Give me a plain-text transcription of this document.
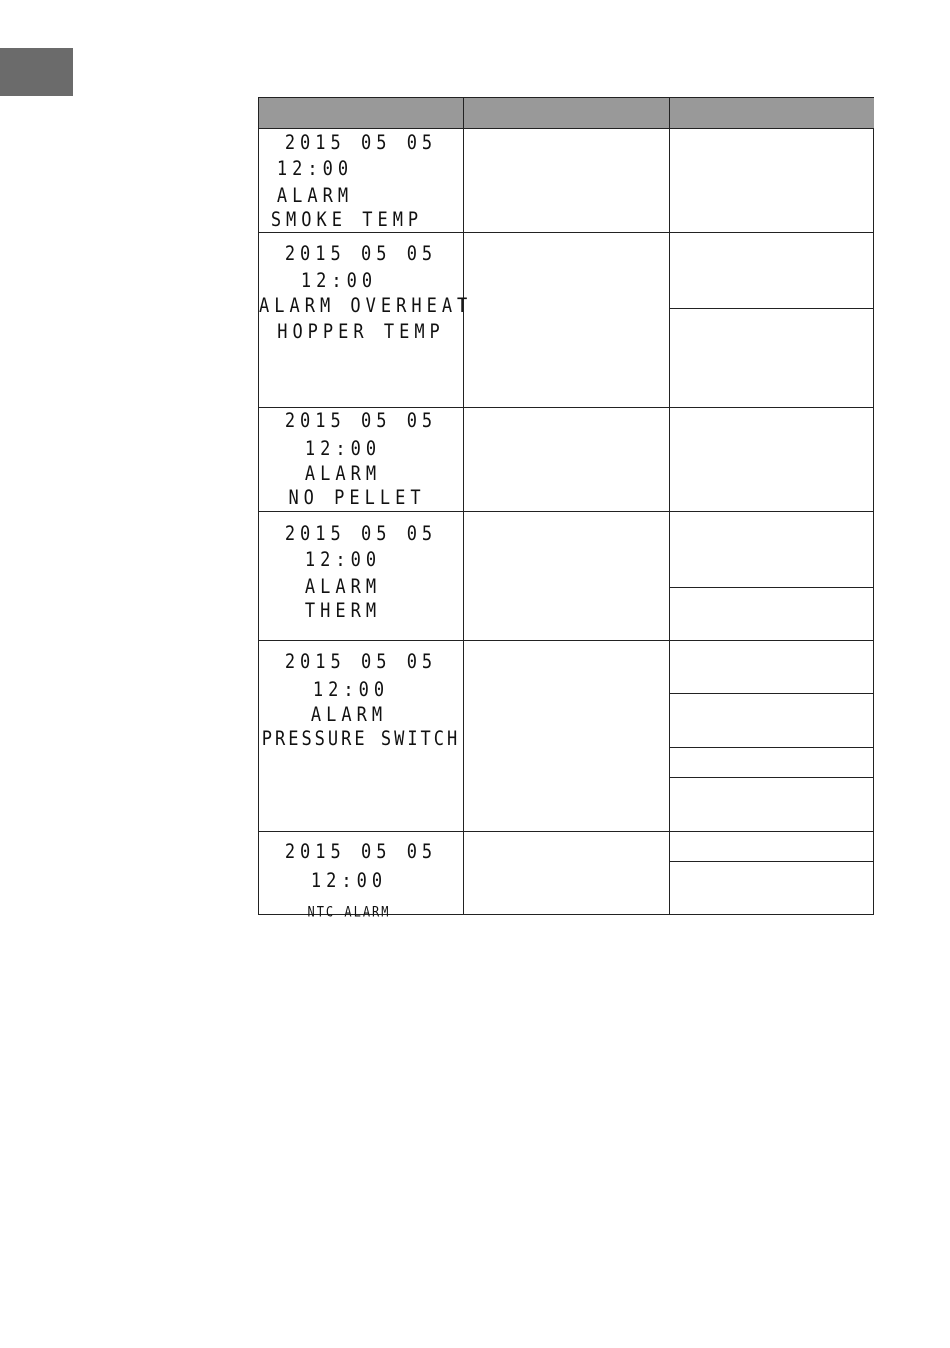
2015 05 05
12:00
ALARM
SMOKE TEMP
2015 05 05
12:00
ALARM OVERHEAT
HOPPER TEMP
2015 05 05
12:00
ALARM
NO PELLET
2015 05 05
12:00
ALARM
THERM
2015 05 05
12:00
ALARM
PRESSURE SWITCH
2015 05 05
12:00
NTC ALARM
